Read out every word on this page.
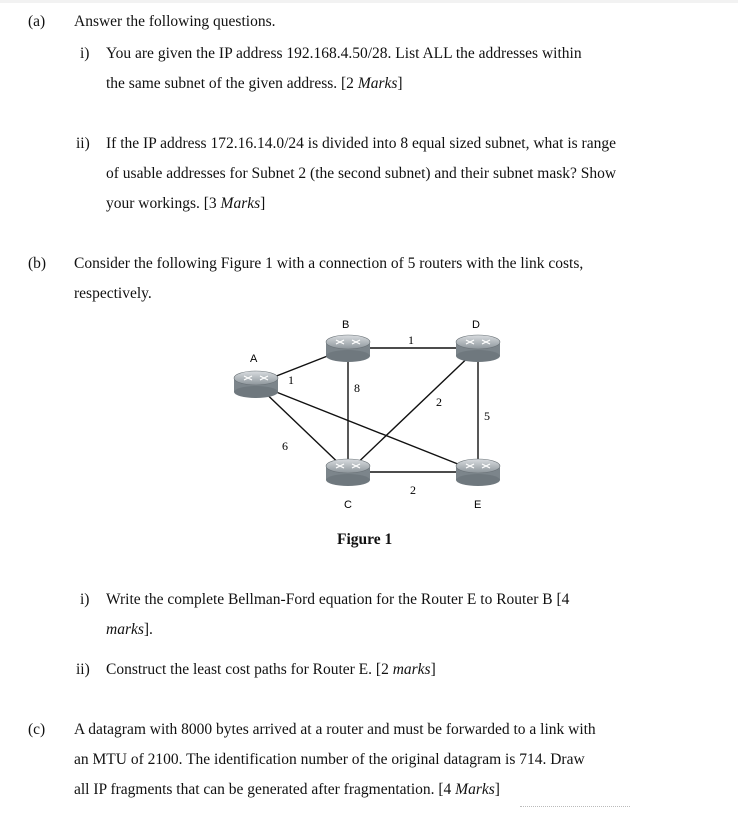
(a)	Answer the following questions.
i) You are given the IP address 192.168.4.50/28. List ALL the addresses within
the same subnet of the given address. [2 Marks]
ii) If the IP address 172.16.14.0/24 is divided into 8 equal sized subnet, what is range
of usable addresses for Subnet 2 (the second subnet) and their subnet mask? Show
your workings. [3 Marks]
(b)	Consider the following Figure 1 with a connection of 5 routers with the link costs,
respectively.
A
B
C
D
E
1
6
8
1
2
2
5
Figure 1
i) Write the complete Bellman-Ford equation for the Router E to Router B [4
marks].
ii) Construct the least cost paths for Router E. [2 marks]
(c)	A datagram with 8000 bytes arrived at a router and must be forwarded to a link with
an MTU of 2100. The identification number of the original datagram is 714. Draw
all IP fragments that can be generated after fragmentation. [4 Marks]
